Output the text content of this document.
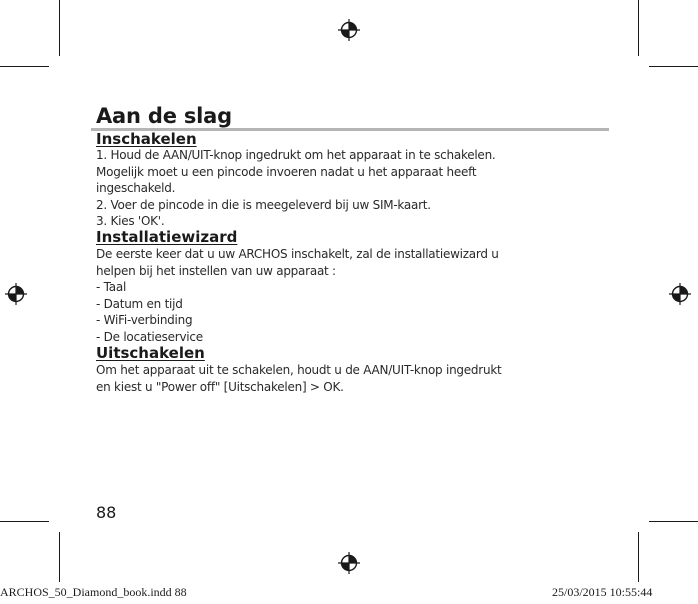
Aan de slag
Inschakelen
1. Houd de AAN/UIT-knop ingedrukt om het apparaat in te schakelen.
Mogelijk moet u een pincode invoeren nadat u het apparaat heeft
ingeschakeld.
2. Voer de pincode in die is meegeleverd bij uw SIM-kaart.
3. Kies 'OK'.
Installatiewizard
De eerste keer dat u uw ARCHOS inschakelt, zal de installatiewizard u
helpen bij het instellen van uw apparaat :
- Taal
- Datum en tijd
- WiFi-verbinding
- De locatieservice
Uitschakelen
Om het apparaat uit te schakelen, houdt u de AAN/UIT-knop ingedrukt
en kiest u "Power off" [Uitschakelen] > OK.
88
ARCHOS_50_Diamond_book.indd 88	25/03/2015 10:55:44
